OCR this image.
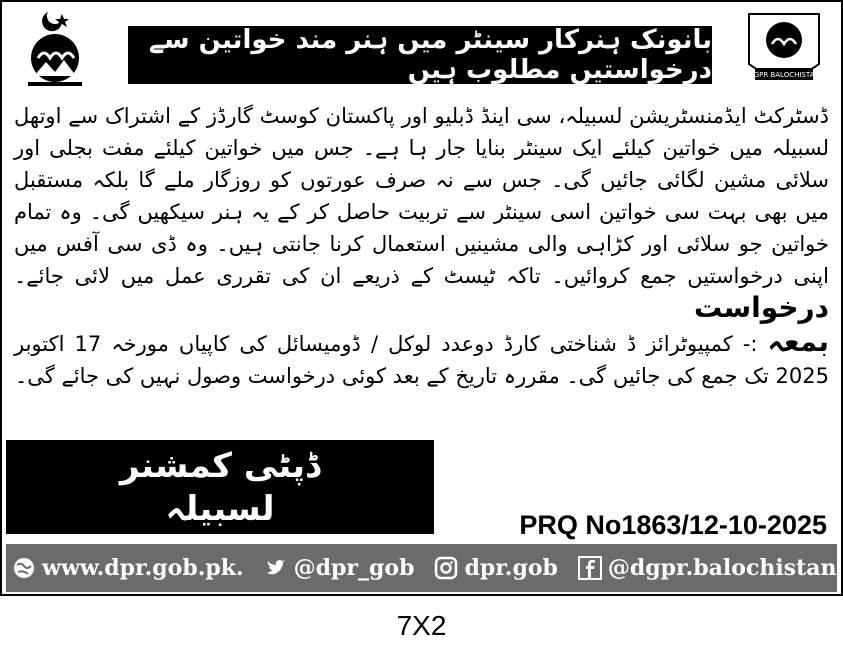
بانونک ہنرکار سینٹر میں ہنر مند خواتین سے درخواستیں مطلوب ہیں	DGPR BALOCHISTAN

ڈسٹرکٹ ایڈمنسٹریشن لسبیلہ، سی اینڈ ڈبلیو اور پاکستان کوسٹ گارڈز کے اشتراک سے اوتھل لسبیلہ میں خواتین کیلئے ایک سینٹر بنایا جار ہا ہے۔ جس میں خواتین کیلئے مفت بجلی اور سلائی مشین لگائی جائیں گی۔ جس سے نہ صرف عورتوں کو روزگار ملے گا بلکہ مستقبل میں بھی بہت سی خواتین اسی سینٹر سے تربیت حاصل کر کے یہ ہنر سیکھیں گی۔ وہ تمام خواتین جو سلائی اور کڑاہی والی مشینیں استعمال کرنا جانتی ہیں۔ وہ ڈی سی آفس میں اپنی درخواستیں جمع کروائیں۔ تاکہ ٹیسٹ کے ذریعے ان کی تقرری عمل میں لائی جائے۔ درخواست

بمعہ :- کمپیوٹرائز ڈ شناختی کارڈ دوعدد لوکل / ڈومیسائل کی کاپیاں مورخہ 17 اکتوبر 2025 تک جمع کی جائیں گی۔ مقررہ تاریخ کے بعد کوئی درخواست وصول نہیں کی جائے گی۔

ڈپٹی کمشنر
لسبیلہ	PRQ No1863/12-10-2025
www.dpr.gob.pk. @dpr_gob dpr.gob @dgpr.balochistan
7X2
